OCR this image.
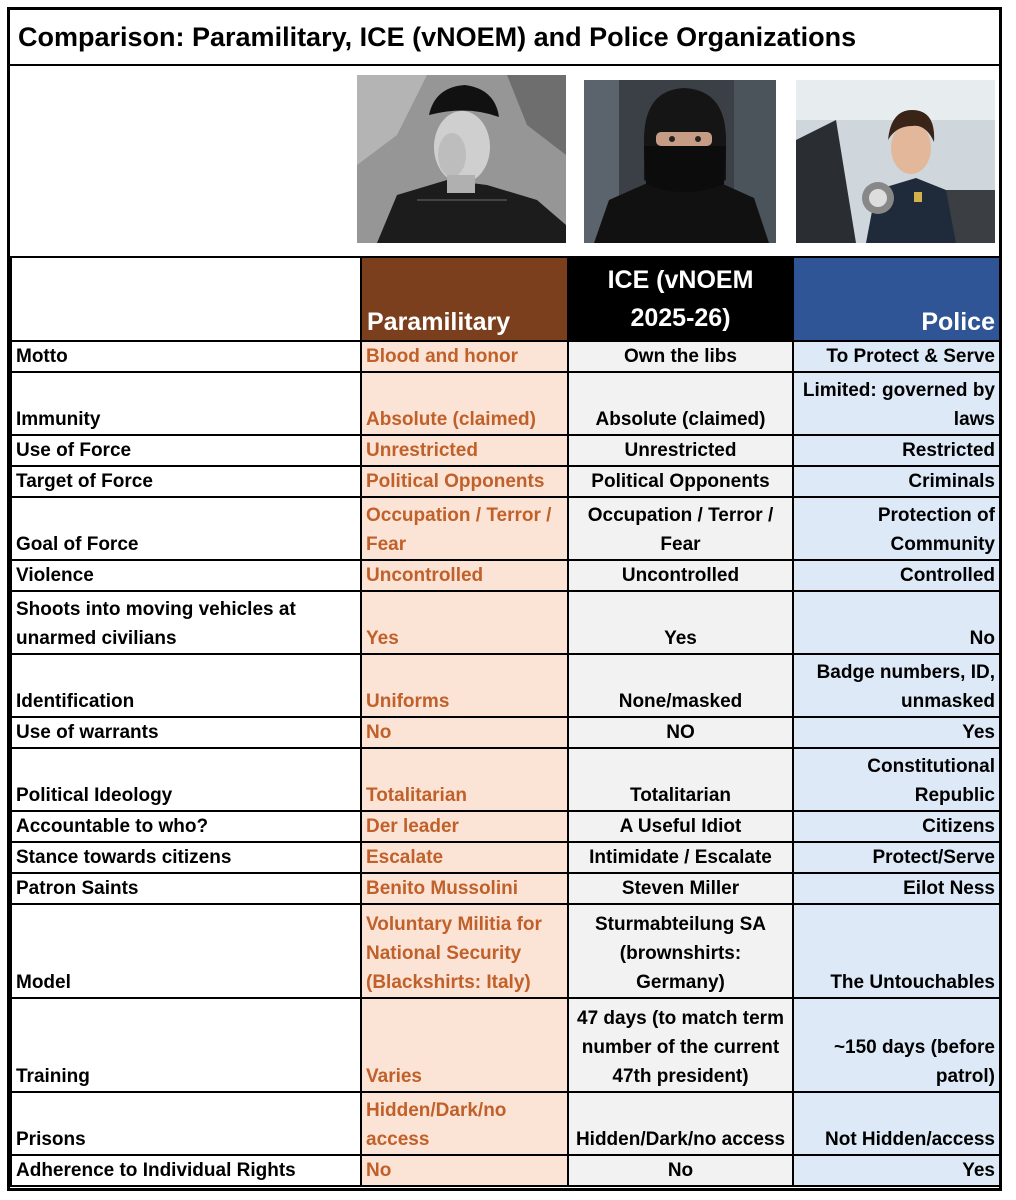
Comparison: Paramilitary, ICE (vNOEM) and Police Organizations
	Paramilitary	ICE (vNOEM 2025-26)	Police
Motto	Blood and honor	Own the libs	To Protect & Serve
Immunity	Absolute (claimed)	Absolute (claimed)	Limited: governed by laws
Use of Force	Unrestricted	Unrestricted	Restricted
Target of Force	Political Opponents	Political Opponents	Criminals
Goal of Force	Occupation / Terror / Fear	Occupation / Terror / Fear	Protection of Community
Violence	Uncontrolled	Uncontrolled	Controlled
Shoots into moving vehicles at unarmed civilians	Yes	Yes	No
Identification	Uniforms	None/masked	Badge numbers, ID, unmasked
Use of warrants	No	NO	Yes
Political Ideology	Totalitarian	Totalitarian	Constitutional Republic
Accountable to who?	Der leader	A Useful Idiot	Citizens
Stance towards citizens	Escalate	Intimidate / Escalate	Protect/Serve
Patron Saints	Benito Mussolini	Steven Miller	Eilot Ness
Model	Voluntary Militia for National Security (Blackshirts: Italy)	Sturmabteilung SA (brownshirts: Germany)	The Untouchables
Training	Varies	47 days (to match term number of the current 47th president)	~150 days (before patrol)
Prisons	Hidden/Dark/no access	Hidden/Dark/no access	Not Hidden/access
Adherence to Individual Rights	No	No	Yes
